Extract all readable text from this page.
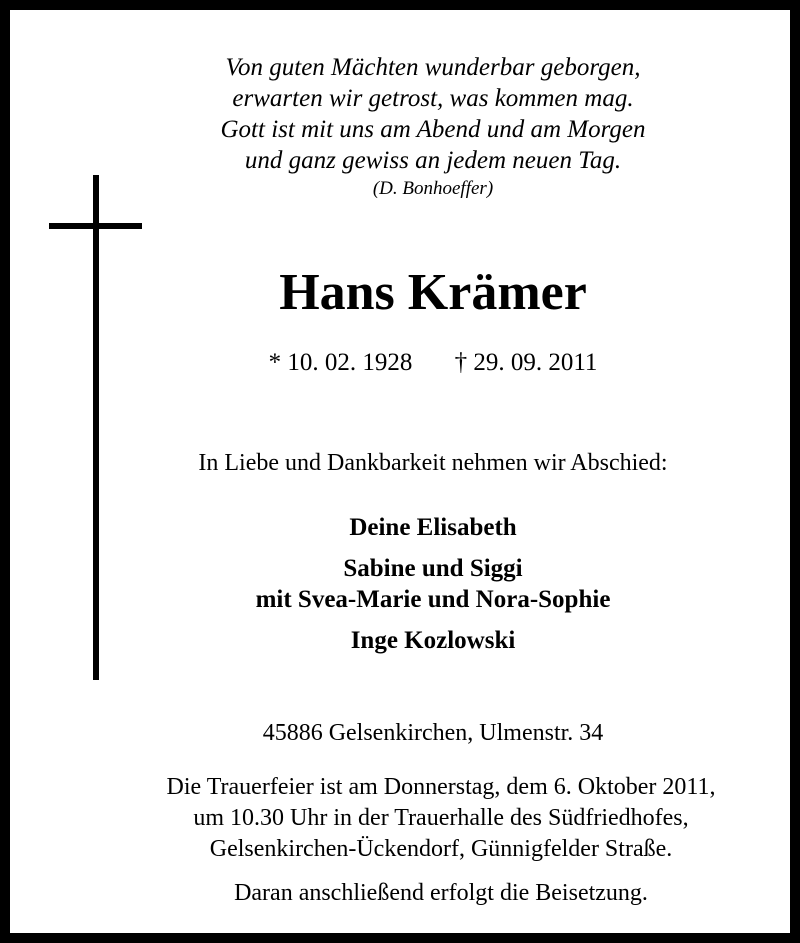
Von guten Mächten wunderbar geborgen,
erwarten wir getrost, was kommen mag.
Gott ist mit uns am Abend und am Morgen
und ganz gewiss an jedem neuen Tag.
(D. Bonhoeffer)
Hans Krämer
* 10. 02. 1928 † 29. 09. 2011
In Liebe und Dankbarkeit nehmen wir Abschied:
Deine Elisabeth
Sabine und Siggi
mit Svea-Marie und Nora-Sophie
Inge Kozlowski
45886 Gelsenkirchen, Ulmenstr. 34
Die Trauerfeier ist am Donnerstag, dem 6. Oktober 2011,
um 10.30 Uhr in der Trauerhalle des Südfriedhofes,
Gelsenkirchen-Ückendorf, Günnigfelder Straße.
Daran anschließend erfolgt die Beisetzung.
